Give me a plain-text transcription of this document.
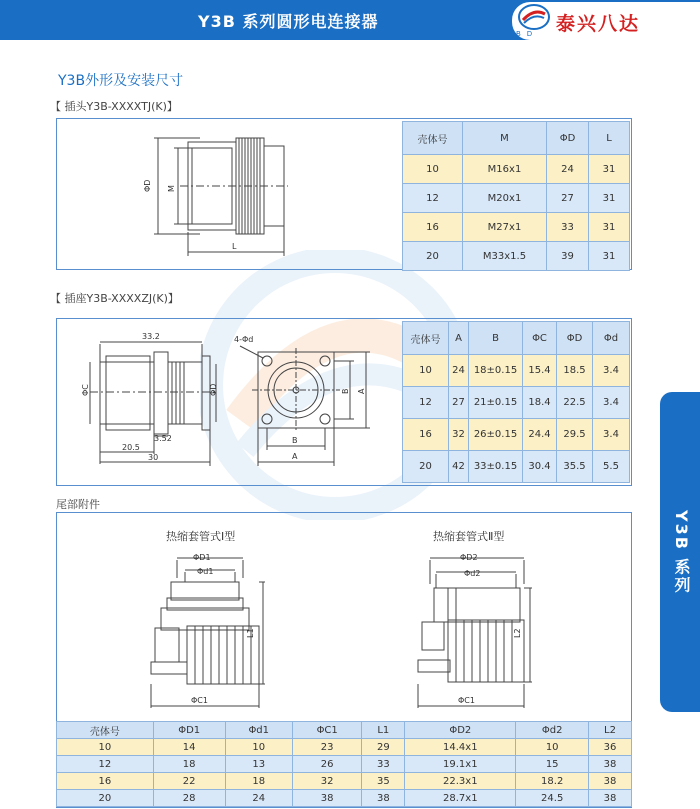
Y3B 系列圆形电连接器
BD 泰兴八达
Y3B 系列
Y3B外形及安装尺寸
【 插头Y3B-XXXXTJ(K)】
ΦD M
L
壳体号	M	ΦD	L
10	M16x1	24	31
12	M20x1	27	31
16	M27x1	33	31
20	M33x1.5	39	31
【 插座Y3B-XXXXZJ(K)】
33.2
ΦC	ΦD
3.52
20.5
30
4-Φd
B
A
B A
壳体号	A	B	ΦC	ΦD	Φd
10	24	18±0.15	15.4	18.5	3.4
12	27	21±0.15	18.4	22.5	3.4
16	32	26±0.15	24.4	29.5	3.4
20	42	33±0.15	30.4	35.5	5.5
尾部附件
热缩套管式Ⅰ型	热缩套管式Ⅱ型
ΦD1
Φd1
L1
ΦC1
ΦD2
Φd2
L2
ΦC1
壳体号	ΦD1	Φd1	ΦC1	L1	ΦD2	Φd2	L2
10	14	10	23	29	14.4x1	10	36
12	18	13	26	33	19.1x1	15	38
16	22	18	32	35	22.3x1	18.2	38
20	28	24	38	38	28.7x1	24.5	38
